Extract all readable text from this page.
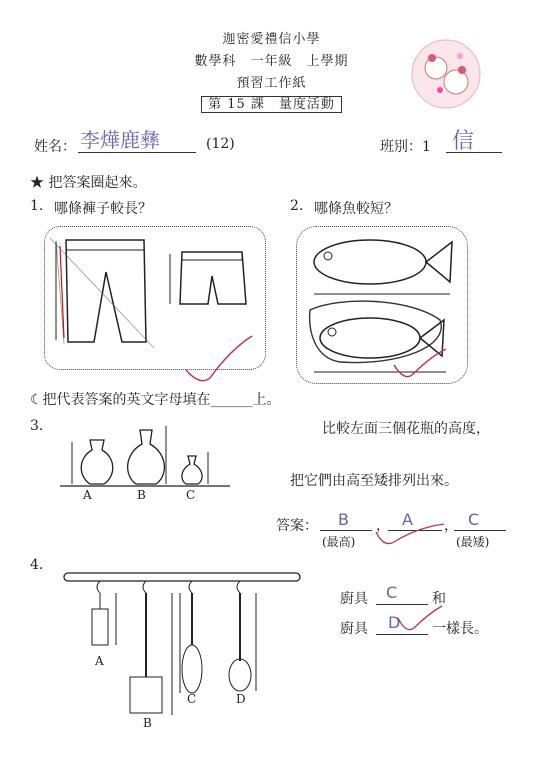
迦密愛禮信小學
數學科　一年級　上學期
預習工作紙
第 15 課　量度活動
姓名： 李燁鹿彝	(12)	班別：1 信
★ 把答案圈起來。
1. 哪條褲子較長？	2. 哪條魚較短？
☾把代表答案的英文字母填在______上。
3.	比較左面三個花瓶的高度，
把它們由高至矮排列出來。
A	B	C
答案： B ， A ， C
(最高)	(最矮)
4.
A
B
C	D
廚具 C 和
廚具 D 一樣長。
